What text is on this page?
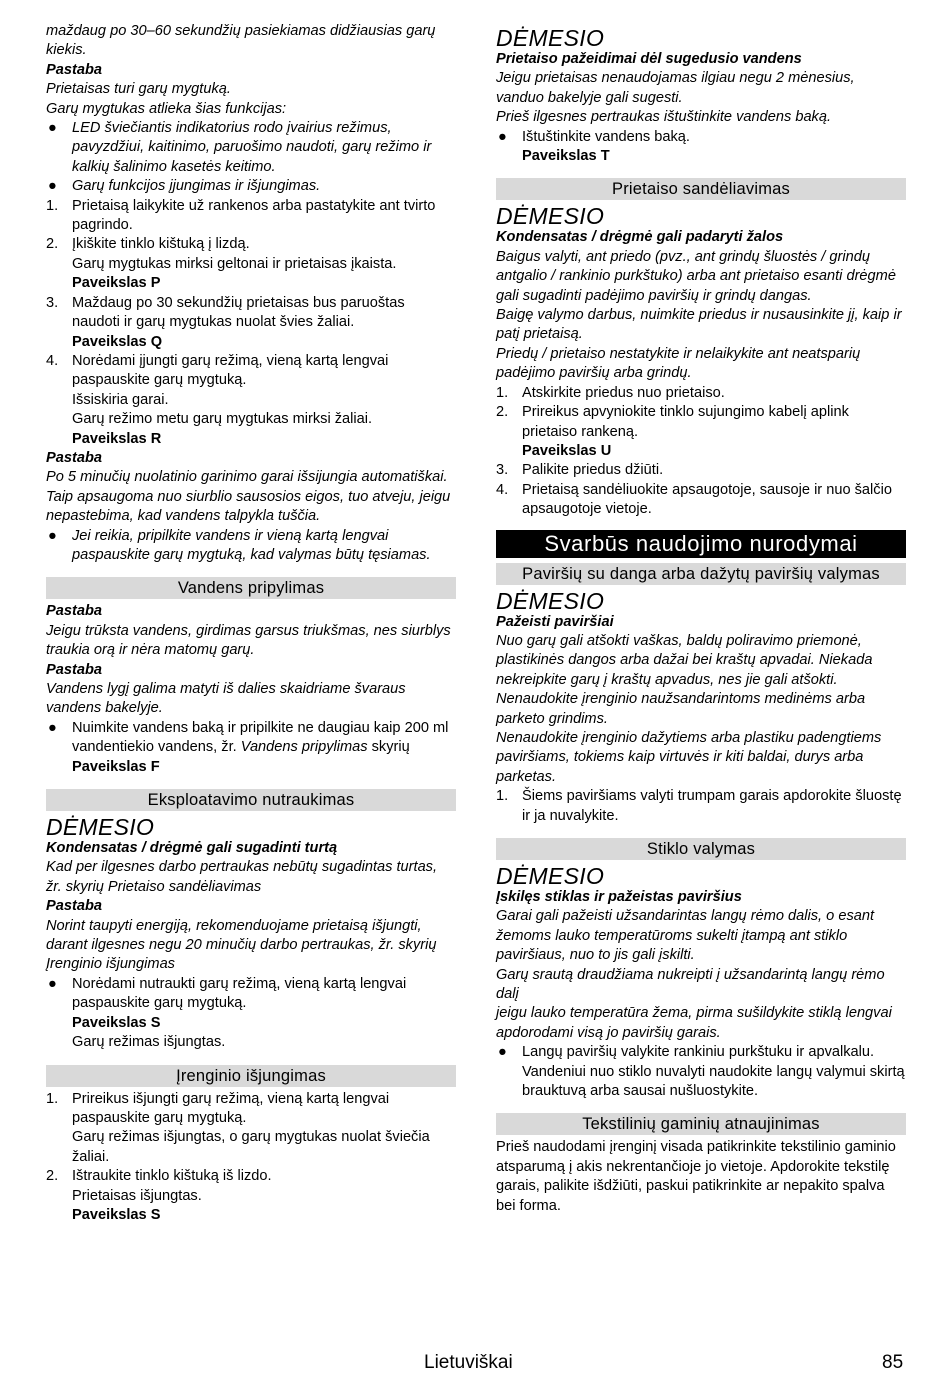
maždaug po 30–60 sekundžių pasiekiamas didžiausias garų kiekis.

Pastaba

Prietaisas turi garų mygtuką.

Garų mygtukas atlieka šias funkcijas:

●	LED šviečiantis indikatorius rodo įvairius režimus, pavyzdžiui, kaitinimo, paruošimo naudoti, garų režimo ir kalkių šalinimo kasetės keitimo.
●	Garų funkcijos įjungimas ir išjungimas.
1. Prietaisą laikykite už rankenos arba pastatykite ant tvirto pagrindo.
2. Įkiškite tinklo kištuką į lizdą.

Garų mygtukas mirksi geltonai ir prietaisas įkaista.

Paveikslas P

3. Maždaug po 30 sekundžių prietaisas bus paruoštas naudoti ir garų mygtukas nuolat švies žaliai.

Paveikslas Q

4. Norėdami įjungti garų režimą, vieną kartą lengvai paspauskite garų mygtuką.

Išsiskiria garai.

Garų režimo metu garų mygtukas mirksi žaliai.

Paveikslas R

Pastaba

Po 5 minučių nuolatinio garinimo garai išsijungia automatiškai. Taip apsaugoma nuo siurblio sausosios eigos, tuo atveju, jeigu nepastebima, kad vandens talpykla tuščia.

●	Jei reikia, pripilkite vandens ir vieną kartą lengvai paspauskite garų mygtuką, kad valymas būtų tęsiamas.
Vandens pripylimas

Pastaba

Jeigu trūksta vandens, girdimas garsus triukšmas, nes siurblys traukia orą ir nėra matomų garų.

Pastaba

Vandens lygį galima matyti iš dalies skaidriame švaraus vandens bakelyje.

●	Nuimkite vandens baką ir pripilkite ne daugiau kaip 200 ml vandentiekio vandens, žr. Vandens pripylimas skyrių

Paveikslas F

Eksploatavimo nutraukimas

DĖMESIO

Kondensatas / drėgmė gali sugadinti turtą

Kad per ilgesnes darbo pertraukas nebūtų sugadintas turtas, žr. skyrių Prietaiso sandėliavimas

Pastaba

Norint taupyti energiją, rekomenduojame prietaisą išjungti, darant ilgesnes negu 20 minučių darbo pertraukas, žr. skyrių Įrenginio išjungimas

●	Norėdami nutraukti garų režimą, vieną kartą lengvai paspauskite garų mygtuką.

Paveikslas S

Garų režimas išjungtas.

Įrenginio išjungimas
1. Prireikus išjungti garų režimą, vieną kartą lengvai paspauskite garų mygtuką.

Garų režimas išjungtas, o garų mygtukas nuolat šviečia žaliai.

2. Ištraukite tinklo kištuką iš lizdo.

Prietaisas išjungtas.

Paveikslas S

DĖMESIO

Prietaiso pažeidimai dėl sugedusio vandens

Jeigu prietaisas nenaudojamas ilgiau negu 2 mėnesius, vanduo bakelyje gali sugesti.

Prieš ilgesnes pertraukas ištuštinkite vandens baką.

●	Ištuštinkite vandens baką.

Paveikslas T

Prietaiso sandėliavimas

DĖMESIO

Kondensatas / drėgmė gali padaryti žalos

Baigus valyti, ant priedo (pvz., ant grindų šluostės / grindų antgalio / rankinio purkštuko) arba ant prietaiso esanti drėgmė gali sugadinti padėjimo paviršių ir grindų dangas.

Baigę valymo darbus, nuimkite priedus ir nusausinkite jį, kaip ir patį prietaisą.

Priedų / prietaiso nestatykite ir nelaikykite ant neatsparių padėjimo paviršių arba grindų.

1. Atskirkite priedus nuo prietaiso.
2. Prireikus apvyniokite tinklo sujungimo kabelį aplink prietaiso rankeną.

Paveikslas U

3. Palikite priedus džiūti.
4. Prietaisą sandėliuokite apsaugotoje, sausoje ir nuo šalčio apsaugotoje vietoje.
Svarbūs naudojimo nurodymai
Paviršių su danga arba dažytų paviršių valymas

DĖMESIO

Pažeisti paviršiai

Nuo garų gali atšokti vaškas, baldų poliravimo priemonė, plastikinės dangos arba dažai bei kraštų apvadai. Niekada nekreipkite garų į kraštų apvadus, nes jie gali atšokti.

Nenaudokite įrenginio naužsandarintoms medinėms arba parketo grindims.

Nenaudokite įrenginio dažytiems arba plastiku padengtiems paviršiams, tokiems kaip virtuvės ir kiti baldai, durys arba parketas.

1. Šiems paviršiams valyti trumpam garais apdorokite šluostę ir ja nuvalykite.
Stiklo valymas

DĖMESIO

Įskilęs stiklas ir pažeistas paviršius

Garai gali pažeisti užsandarintas langų rėmo dalis, o esant žemoms lauko temperatūroms sukelti įtampą ant stiklo paviršiaus, nuo to jis gali įskilti.

Garų srautą draudžiama nukreipti į užsandarintą langų rėmo dalį

jeigu lauko temperatūra žema, pirma sušildykite stiklą lengvai apdorodami visą jo paviršių garais.

●	Langų paviršių valykite rankiniu purkštuku ir apvalkalu. Vandeniui nuo stiklo nuvalyti naudokite langų valymui skirtą brauktuvą arba sausai nušluostykite.
Tekstilinių gaminių atnaujinimas

Prieš naudodami įrenginį visada patikrinkite tekstilinio gaminio atsparumą į akis nekrentančioje jo vietoje. Apdorokite tekstilę garais, palikite išdžiūti, paskui patikrinkite ar nepakito spalva bei forma.

Lietuviškai	85
